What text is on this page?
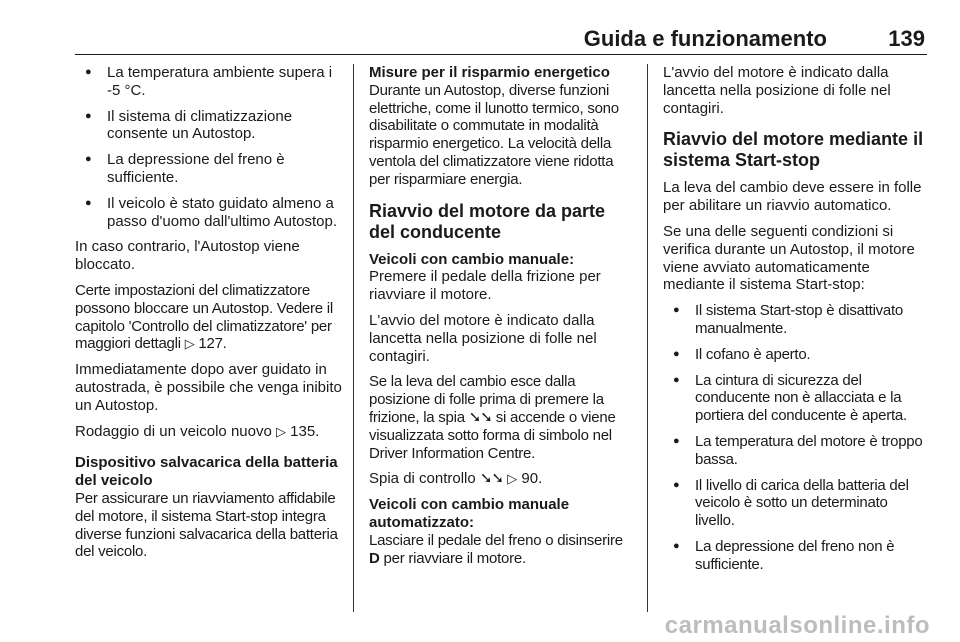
Guida e funzionamento	139
● La temperatura ambiente supera i -5 °C.
● Il sistema di climatizzazione consente un Autostop.
● La depressione del freno è sufficiente.
● Il veicolo è stato guidato almeno a passo d'uomo dall'ultimo Autostop.

In caso contrario, l'Autostop viene bloccato.

Certe impostazioni del climatizzatore possono bloccare un Autostop. Vedere il capitolo 'Controllo del climatizzatore' per maggiori dettagli ▷ 127.

Immediatamente dopo aver guidato in autostrada, è possibile che venga inibito un Autostop.

Rodaggio di un veicolo nuovo ▷ 135.

Dispositivo salvacarica della batteria del veicolo

Per assicurare un riavviamento affidabile del motore, il sistema Start-stop integra diverse funzioni salvacarica della batteria del veicolo.

Misure per il risparmio energetico

Durante un Autostop, diverse funzioni elettriche, come il lunotto termico, sono disabilitate o commutate in modalità risparmio energetico. La velocità della ventola del climatizzatore viene ridotta per risparmiare energia.

Riavvio del motore da parte del conducente
Veicoli con cambio manuale:

Premere il pedale della frizione per riavviare il motore.

L'avvio del motore è indicato dalla lancetta nella posizione di folle nel contagiri.

Se la leva del cambio esce dalla posizione di folle prima di premere la frizione, la spia ➘➘ si accende o viene visualizzata sotto forma di simbolo nel Driver Information Centre.

Spia di controllo ➘➘ ▷ 90.

Veicoli con cambio manuale automatizzato:

Lasciare il pedale del freno o disinserire D per riavviare il motore.

L'avvio del motore è indicato dalla lancetta nella posizione di folle nel contagiri.

Riavvio del motore mediante il sistema Start-stop

La leva del cambio deve essere in folle per abilitare un riavvio automatico.

Se una delle seguenti condizioni si verifica durante un Autostop, il motore viene avviato automaticamente mediante il sistema Start-stop:

● Il sistema Start-stop è disattivato manualmente.
● Il cofano è aperto.
● La cintura di sicurezza del conducente non è allacciata e la portiera del conducente è aperta.
● La temperatura del motore è troppo bassa.
● Il livello di carica della batteria del veicolo è sotto un determinato livello.
● La depressione del freno non è sufficiente.
carmanualsonline.info
